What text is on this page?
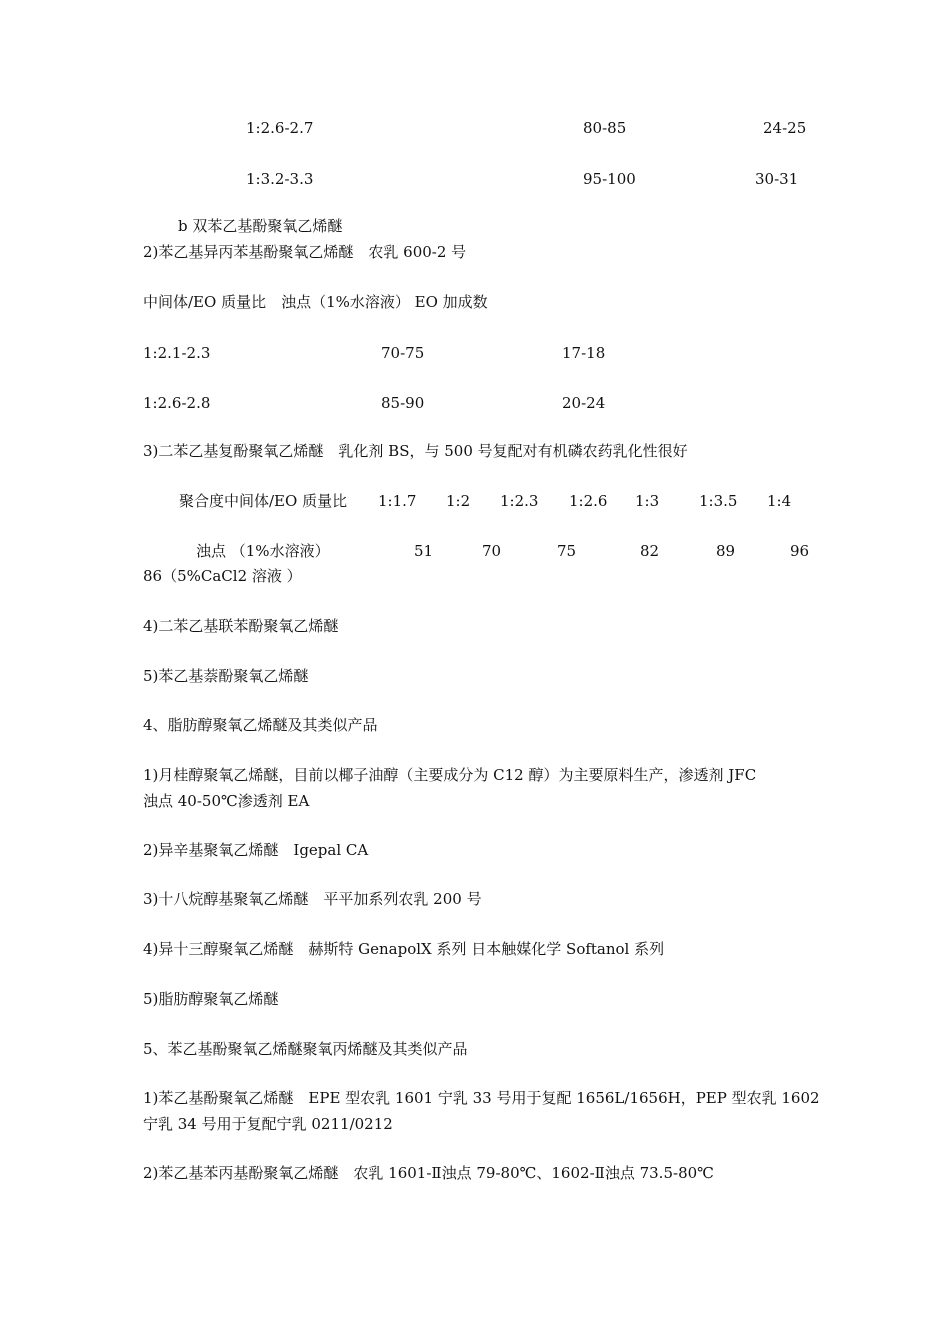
1:2.6-2.7	80-85	24-25
1:3.2-3.3	95-100	30-31
b 双苯乙基酚聚氧乙烯醚
2)苯乙基异丙苯基酚聚氧乙烯醚　农乳 600-2 号
中间体/EO 质量比　浊点（1%水溶液） EO 加成数
1:2.1-2.3	70-75	17-18
1:2.6-2.8	85-90	20-24
3)二苯乙基复酚聚氧乙烯醚　乳化剂 BS，与 500 号复配对有机磷农药乳化性很好
聚合度中间体/EO 质量比 1:1.7 1:2 1:2.3 1:2.6 1:3	1:3.5 1:4
浊点 （1%水溶液）	51	70	75	82	89	96
86（5%CaCl2 溶液 ）
4)二苯乙基联苯酚聚氧乙烯醚
5)苯乙基萘酚聚氧乙烯醚
4、脂肪醇聚氧乙烯醚及其类似产品
1)月桂醇聚氧乙烯醚，目前以椰子油醇（主要成分为 C12 醇）为主要原料生产，渗透剂 JFC
浊点 40-50℃渗透剂 EA
2)异辛基聚氧乙烯醚　Igepal CA
3)十八烷醇基聚氧乙烯醚　平平加系列农乳 200 号
4)异十三醇聚氧乙烯醚　赫斯特 GenapolX 系列 日本触媒化学 Softanol 系列
5)脂肪醇聚氧乙烯醚
5、苯乙基酚聚氧乙烯醚聚氧丙烯醚及其类似产品
1)苯乙基酚聚氧乙烯醚　EPE 型农乳 1601 宁乳 33 号用于复配 1656L/1656H，PEP 型农乳 1602
宁乳 34 号用于复配宁乳 0211/0212
2)苯乙基苯丙基酚聚氧乙烯醚　农乳 1601-Ⅱ浊点 79-80℃、1602-Ⅱ浊点 73.5-80℃
